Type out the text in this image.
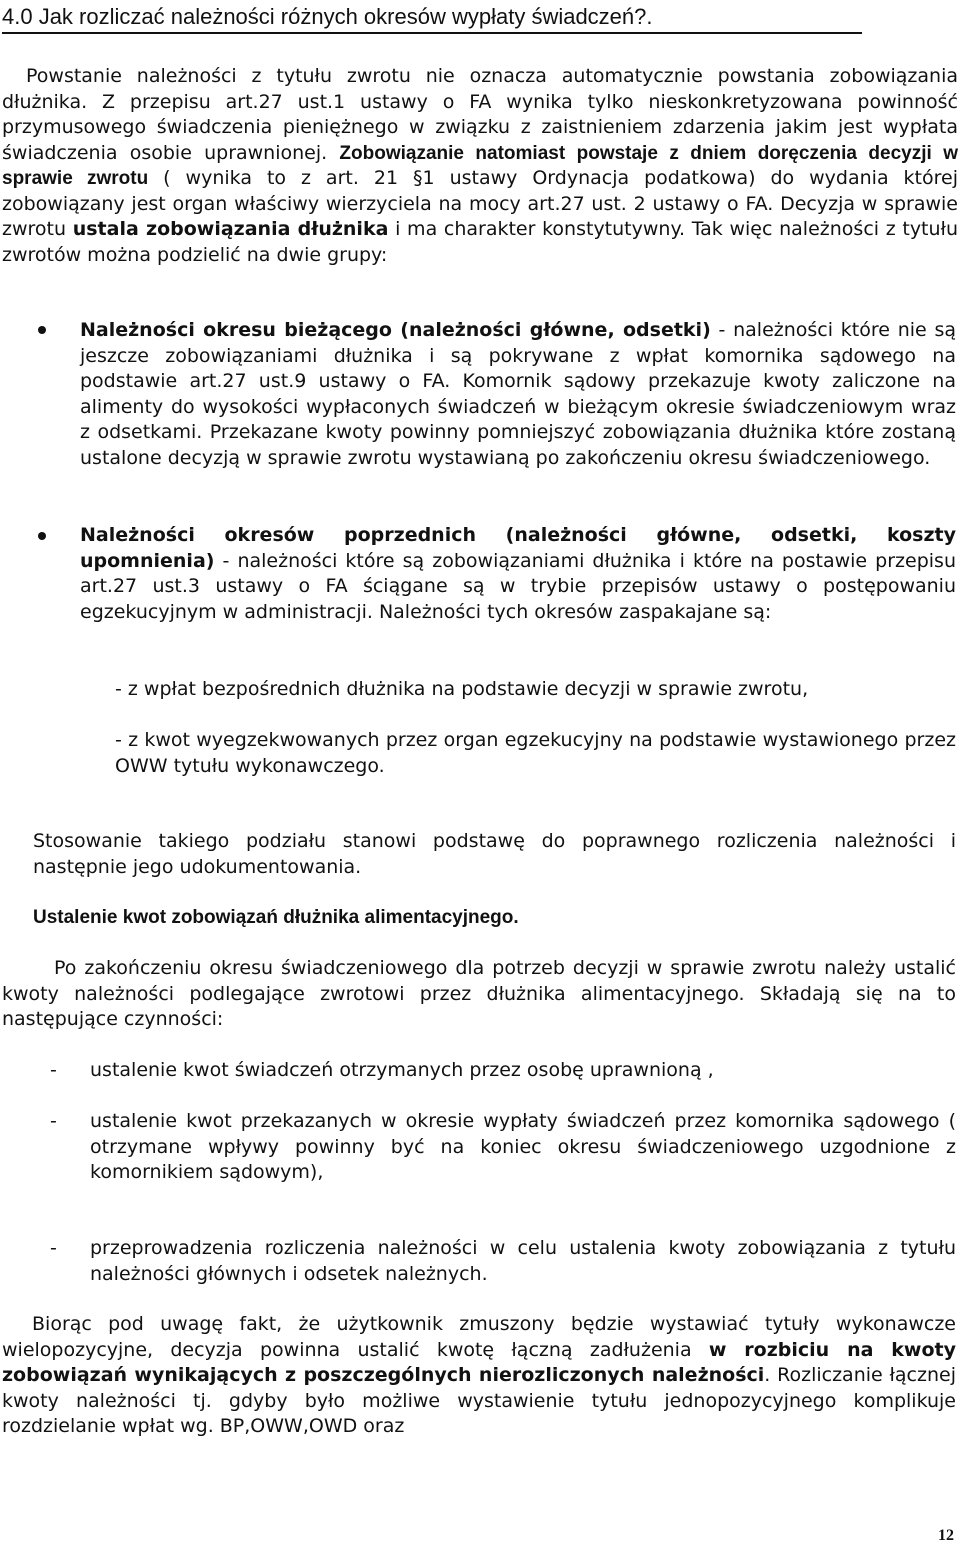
4.0 Jak rozliczać należności różnych okresów wypłaty świadczeń?.

Powstanie należności z tytułu zwrotu nie oznacza automatycznie powstania zobowiązania dłużnika. Z przepisu art.27 ust.1 ustawy o FA wynika tylko nieskonkretyzowana powinność przymusowego świadczenia pieniężnego w związku z zaistnieniem zdarzenia jakim jest wypłata świadczenia osobie uprawnionej. Zobowiązanie natomiast powstaje z dniem doręczenia decyzji w sprawie zwrotu ( wynika to z art. 21 §1 ustawy Ordynacja podatkowa) do wydania której zobowiązany jest organ właściwy wierzyciela na mocy art.27 ust. 2 ustawy o FA. Decyzja w sprawie zwrotu ustala zobowiązania dłużnika i ma charakter konstytutywny. Tak więc należności z tytułu zwrotów można podzielić na dwie grupy:

Należności okresu bieżącego (należności główne, odsetki) - należności które nie są jeszcze zobowiązaniami dłużnika i są pokrywane z wpłat komornika sądowego na podstawie art.27 ust.9 ustawy o FA. Komornik sądowy przekazuje kwoty zaliczone na alimenty do wysokości wypłaconych świadczeń w bieżącym okresie świadczeniowym wraz z odsetkami. Przekazane kwoty powinny pomniejszyć zobowiązania dłużnika które zostaną ustalone decyzją w sprawie zwrotu wystawianą po zakończeniu okresu świadczeniowego.

Należności okresów poprzednich (należności główne, odsetki, koszty upomnienia) - należności które są zobowiązaniami dłużnika i które na postawie przepisu art.27 ust.3 ustawy o FA ściągane są w trybie przepisów ustawy o postępowaniu egzekucyjnym w administracji. Należności tych okresów zaspakajane są:

- z wpłat bezpośrednich dłużnika na podstawie decyzji w sprawie zwrotu,

- z kwot wyegzekwowanych przez organ egzekucyjny na podstawie wystawionego przez OWW tytułu wykonawczego.

Stosowanie takiego podziału stanowi podstawę do poprawnego rozliczenia należności i następnie jego udokumentowania.

Ustalenie kwot zobowiązań dłużnika alimentacyjnego.

Po zakończeniu okresu świadczeniowego dla potrzeb decyzji w sprawie zwrotu należy ustalić kwoty należności podlegające zwrotowi przez dłużnika alimentacyjnego. Składają się na to następujące czynności:

- ustalenie kwot świadczeń otrzymanych przez osobę uprawnioną ,

- ustalenie kwot przekazanych w okresie wypłaty świadczeń przez komornika sądowego ( otrzymane wpływy powinny być na koniec okresu świadczeniowego uzgodnione z komornikiem sądowym),

- przeprowadzenia rozliczenia należności w celu ustalenia kwoty zobowiązania z tytułu należności głównych i odsetek należnych.

Biorąc pod uwagę fakt, że użytkownik zmuszony będzie wystawiać tytuły wykonawcze wielopozycyjne, decyzja powinna ustalić kwotę łączną zadłużenia w rozbiciu na kwoty zobowiązań wynikających z poszczególnych nierozliczonych należności. Rozliczanie łącznej kwoty należności tj. gdyby było możliwe wystawienie tytułu jednopozycyjnego komplikuje rozdzielanie wpłat wg. BP,OWW,OWD oraz

12
